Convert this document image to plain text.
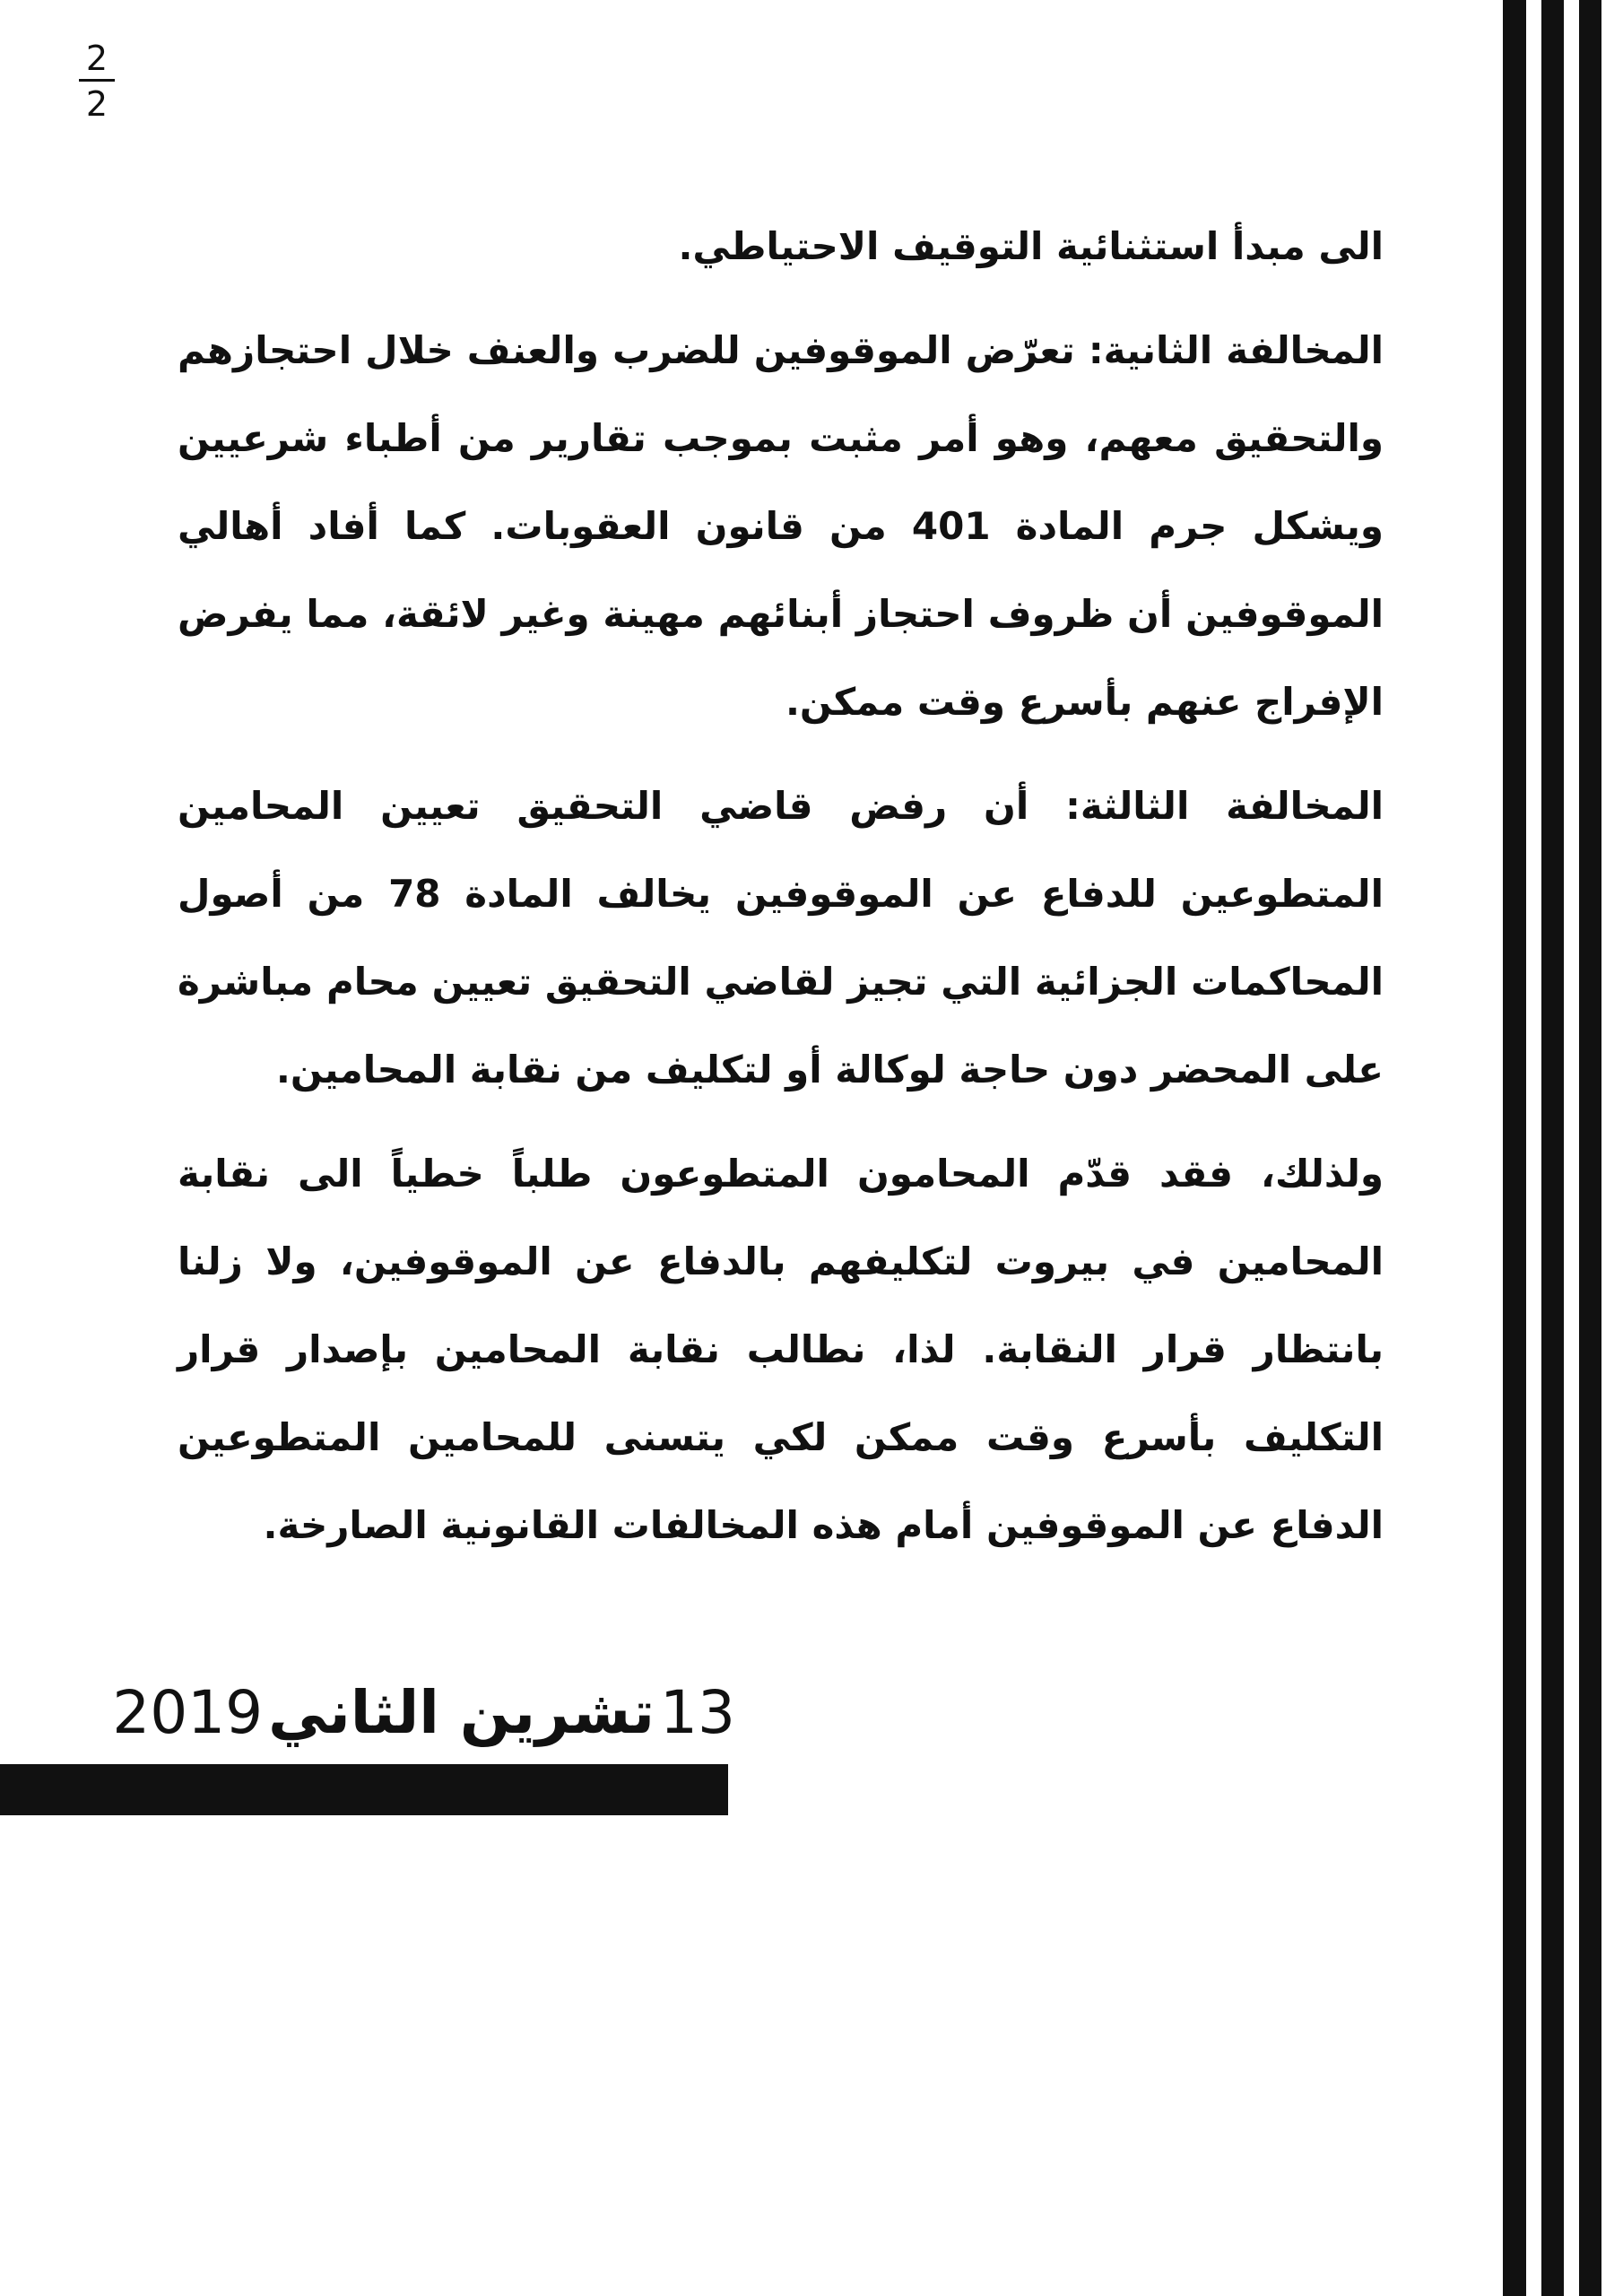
2
2

الى مبدأ استثنائية التوقيف الاحتياطي.

المخالفة الثانية: تعرّض الموقوفين للضرب والعنف خلال احتجازهم والتحقيق معهم، وهو أمر مثبت بموجب تقارير من أطباء شرعيين ويشكل جرم المادة 401 من قانون العقوبات. كما أفاد أهالي الموقوفين أن ظروف احتجاز أبنائهم مهينة وغير لائقة، مما يفرض الإفراج عنهم بأسرع وقت ممكن.

المخالفة الثالثة: أن رفض قاضي التحقيق تعيين المحامين المتطوعين للدفاع عن الموقوفين يخالف المادة 78 من أصول المحاكمات الجزائية التي تجيز لقاضي التحقيق تعيين محام مباشرة على المحضر دون حاجة لوكالة أو لتكليف من نقابة المحامين.

ولذلك، فقد قدّم المحامون المتطوعون طلباً خطياً الى نقابة المحامين في بيروت لتكليفهم بالدفاع عن الموقوفين، ولا زلنا بانتظار قرار النقابة. لذا، نطالب نقابة المحامين بإصدار قرار التكليف بأسرع وقت ممكن لكي يتسنى للمحامين المتطوعين الدفاع عن الموقوفين أمام هذه المخالفات القانونية الصارخة.

13تشرين الثاني2019
